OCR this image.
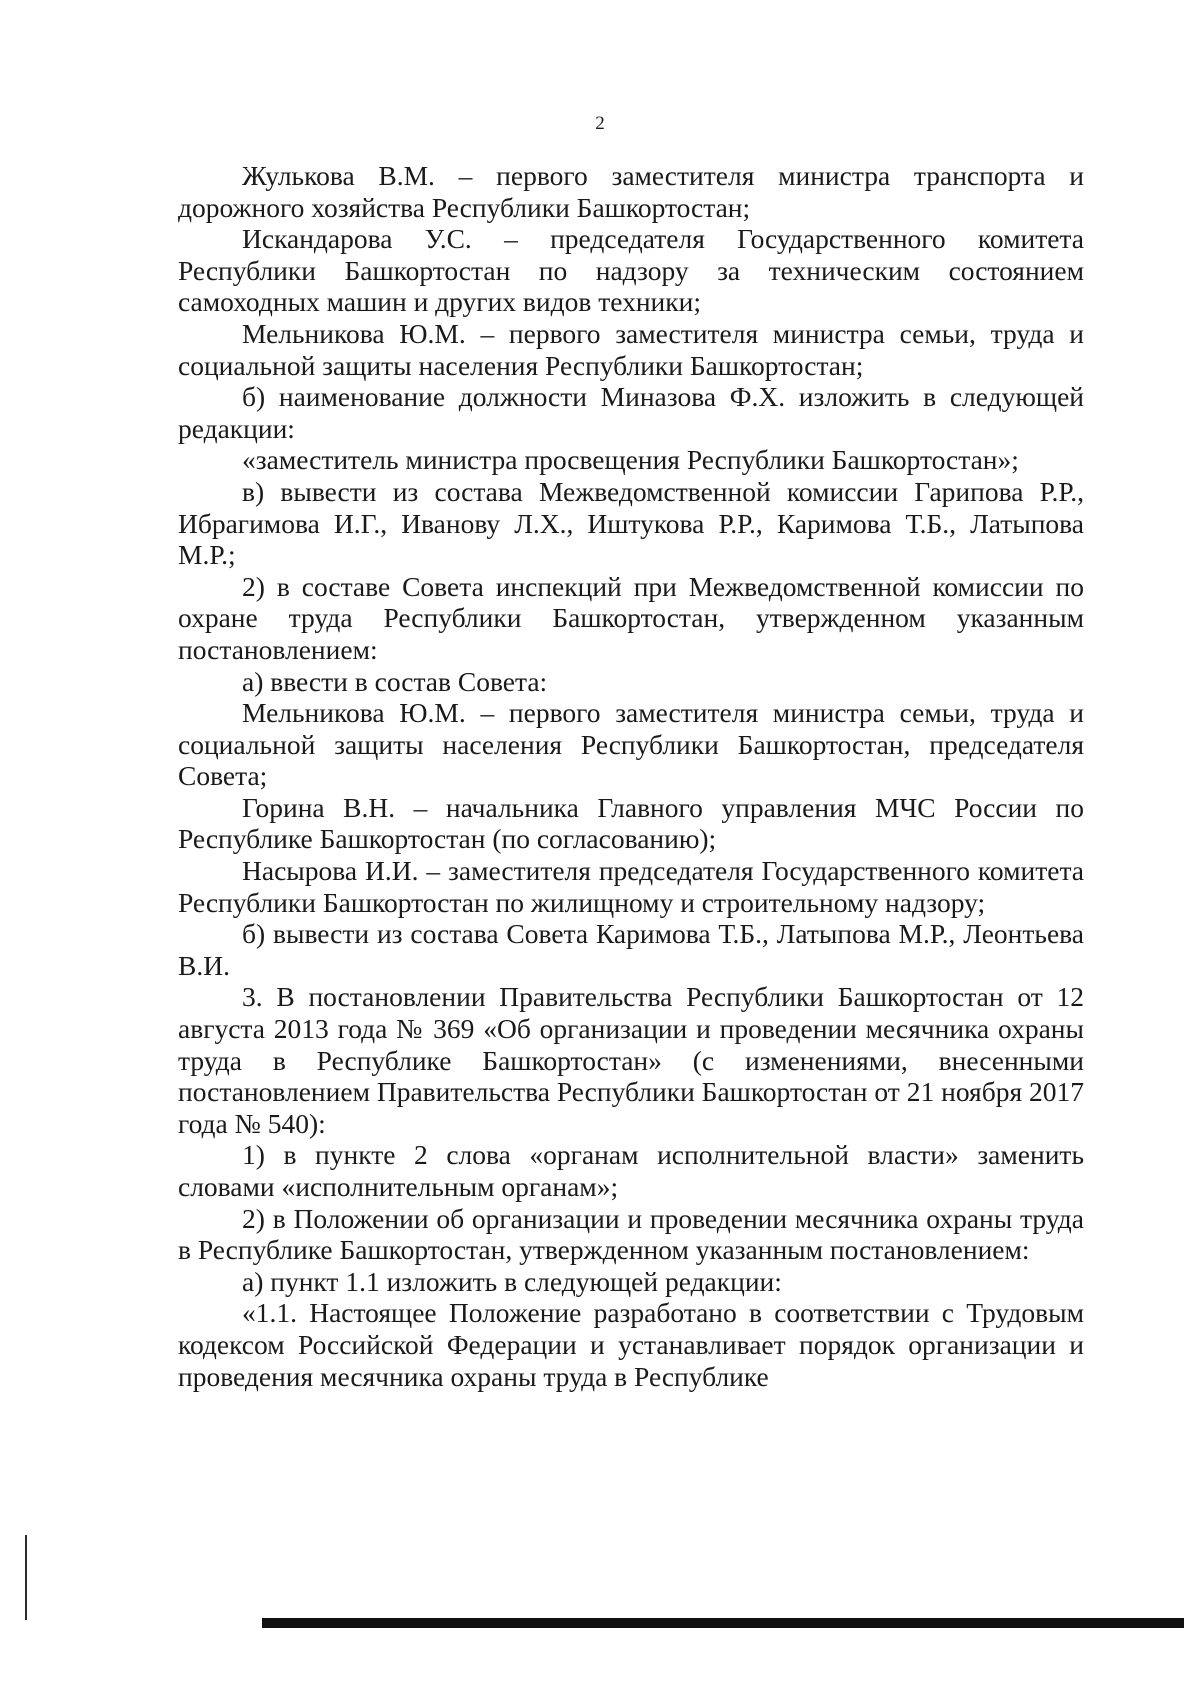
2

Жулькова В.М. – первого заместителя министра транспорта и дорожного хозяйства Республики Башкортостан;

Искандарова У.С. – председателя Государственного комитета Республики Башкортостан по надзору за техническим состоянием самоходных машин и других видов техники;

Мельникова Ю.М. – первого заместителя министра семьи, труда и социальной защиты населения Республики Башкортостан;

б) наименование должности Миназова Ф.Х. изложить в следующей редакции:

«заместитель министра просвещения Республики Башкортостан»;

в) вывести из состава Межведомственной комиссии Гарипова Р.Р., Ибрагимова И.Г., Иванову Л.Х., Иштукова Р.Р., Каримова Т.Б., Латыпова М.Р.;

2) в составе Совета инспекций при Межведомственной комиссии по охране труда Республики Башкортостан, утвержденном указанным постановлением:

а) ввести в состав Совета:

Мельникова Ю.М. – первого заместителя министра семьи, труда и социальной защиты населения Республики Башкортостан, председателя Совета;

Горина В.Н. – начальника Главного управления МЧС России по Республике Башкортостан (по согласованию);

Насырова И.И. – заместителя председателя Государственного комитета Республики Башкортостан по жилищному и строительному надзору;

б) вывести из состава Совета Каримова Т.Б., Латыпова М.Р., Леонтьева В.И.

3. В постановлении Правительства Республики Башкортостан от 12 августа 2013 года № 369 «Об организации и проведении месячника охраны труда в Республике Башкортостан» (с изменениями, внесенными постановлением Правительства Республики Башкортостан от 21 ноября 2017 года № 540):

1) в пункте 2 слова «органам исполнительной власти» заменить словами «исполнительным органам»;

2) в Положении об организации и проведении месячника охраны труда в Республике Башкортостан, утвержденном указанным постановлением:

а) пункт 1.1 изложить в следующей редакции:

«1.1. Настоящее Положение разработано в соответствии с Трудовым кодексом Российской Федерации и устанавливает порядок организации и проведения месячника охраны труда в Республике
